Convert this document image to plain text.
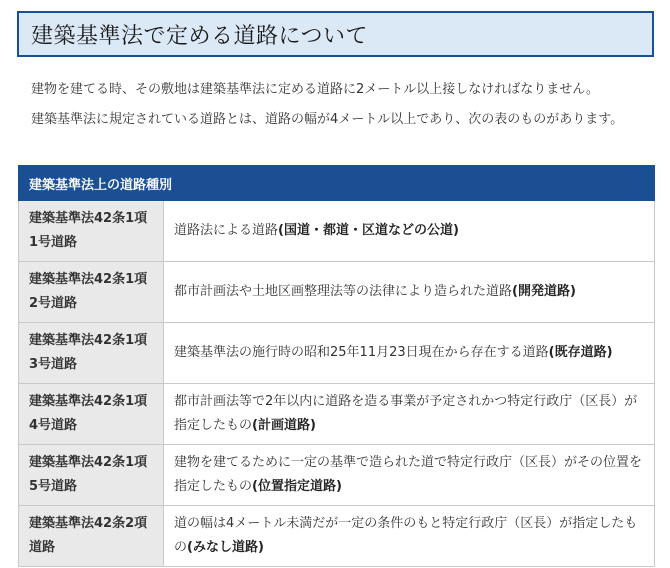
建築基準法で定める道路について

建物を建てる時、その敷地は建築基準法に定める道路に2メートル以上接しなければなりません。

建築基準法に規定されている道路とは、道路の幅が4メートル以上であり、次の表のものがあります。

建築基準法上の道路種別	
建築基準法42条1項1号道路	道路法による道路(国道・都道・区道などの公道)
建築基準法42条1項2号道路	都市計画法や土地区画整理法等の法律により造られた道路(開発道路)
建築基準法42条1項3号道路	建築基準法の施行時の昭和25年11月23日現在から存在する道路(既存道路)
建築基準法42条1項4号道路	都市計画法等で2年以内に道路を造る事業が予定されかつ特定行政庁（区長）が指定したもの(計画道路)
建築基準法42条1項5号道路	建物を建てるために一定の基準で造られた道で特定行政庁（区長）がその位置を指定したもの(位置指定道路)
建築基準法42条2項道路	道の幅は4メートル未満だが一定の条件のもと特定行政庁（区長）が指定したもの(みなし道路)
